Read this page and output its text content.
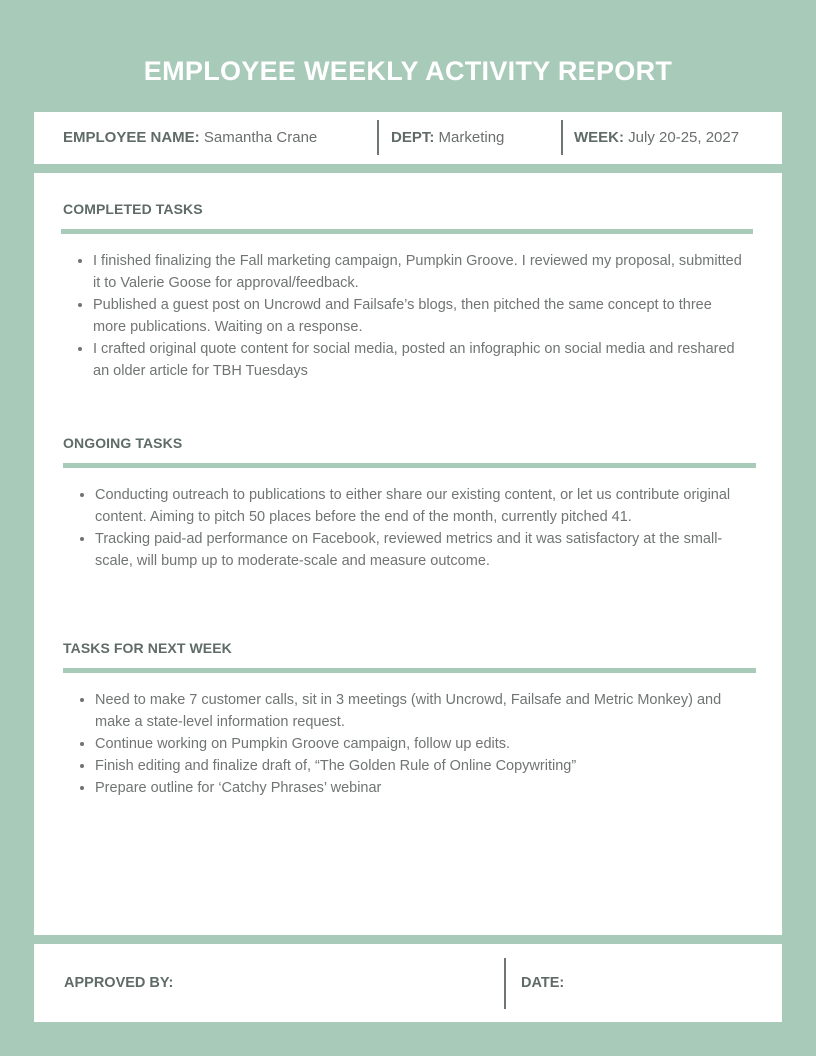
EMPLOYEE WEEKLY ACTIVITY REPORT
EMPLOYEE NAME: Samantha Crane	DEPT: Marketing	WEEK: July 20-25, 2027
COMPLETED TASKS
• I finished finalizing the Fall marketing campaign, Pumpkin Groove. I reviewed my proposal, submitted it to Valerie Goose for approval/feedback.
• Published a guest post on Uncrowd and Failsafe’s blogs, then pitched the same concept to three more publications. Waiting on a response.
• I crafted original quote content for social media, posted an infographic on social media and reshared an older article for TBH Tuesdays
ONGOING TASKS
• Conducting outreach to publications to either share our existing content, or let us contribute original content. Aiming to pitch 50 places before the end of the month, currently pitched 41.
• Tracking paid-ad performance on Facebook, reviewed metrics and it was satisfactory at the small-scale, will bump up to moderate-scale and measure outcome.
TASKS FOR NEXT WEEK
• Need to make 7 customer calls, sit in 3 meetings (with Uncrowd, Failsafe and Metric Monkey) and make a state-level information request.
• Continue working on Pumpkin Groove campaign, follow up edits.
• Finish editing and finalize draft of, “The Golden Rule of Online Copywriting”
• Prepare outline for ‘Catchy Phrases’ webinar
APPROVED BY:	DATE:
